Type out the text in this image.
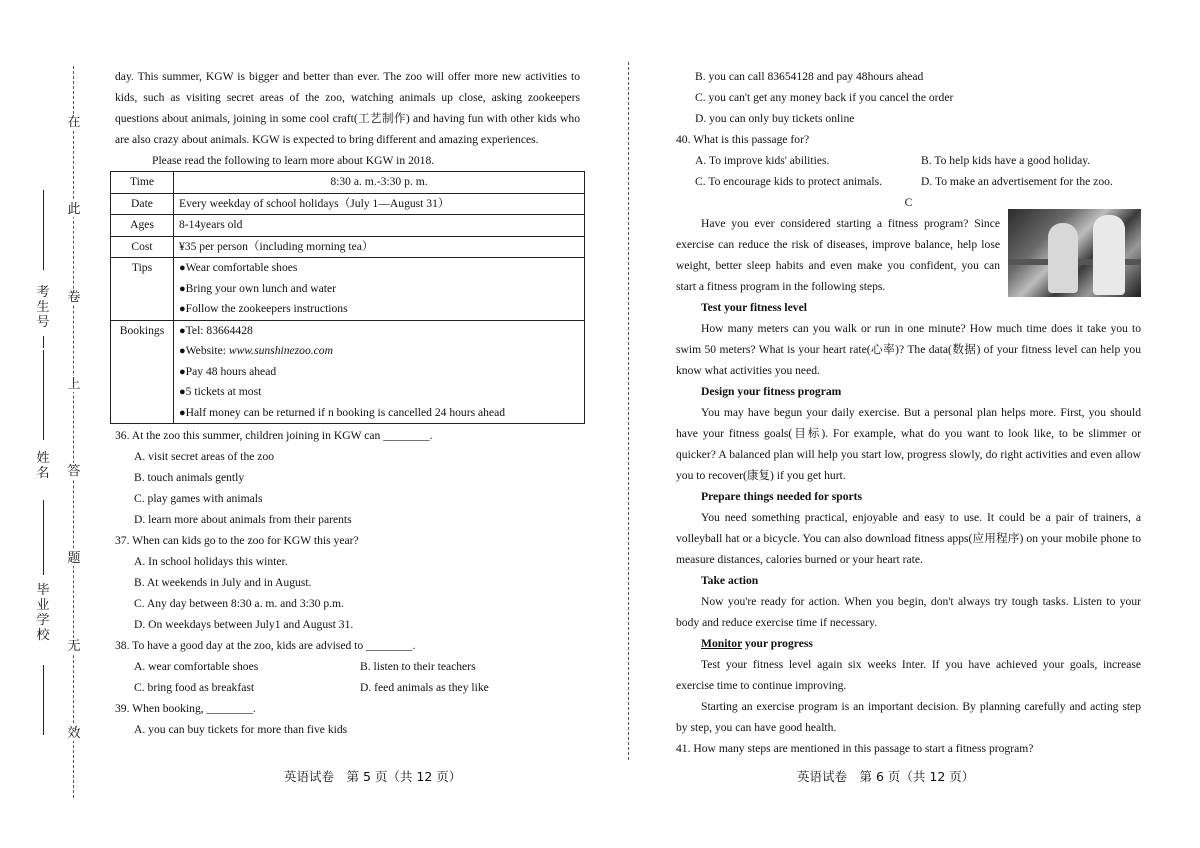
在
此
卷
上
答
题
无
效
考生号
姓名
毕业学校

day. This summer, KGW is bigger and better than ever. The zoo will offer more new activities to kids, such as visiting secret areas of the zoo, watching animals up close, asking zookeepers questions about animals, joining in some cool craft(工艺制作) and having fun with other kids who are also crazy about animals. KGW is expected to bring different and amazing experiences.

Please read the following to learn more about KGW in 2018.

Time	8:30 a. m.-3:30 p. m.
Date	Every weekday of school holidays（July 1—August 31）
Ages	8-14years old
Cost	¥35 per person（including morning tea）
Tips	● Wear comfortable shoes
● Bring your own lunch and water
● Follow the zookeepers instructions

Bookings	● Tel: 83664428
● Website: www.sunshinezoo.com
● Pay 48 hours ahead
● 5 tickets at most
● Half money can be returned if n booking is cancelled 24 hours ahead

36. At the zoo this summer, children joining in KGW can ________.

A. visit secret areas of the zoo

B. touch animals gently

C. play games with animals

D. learn more about animals from their parents

37. When can kids go to the zoo for KGW this year?

A. In school holidays this winter.

B. At weekends in July and in August.

C. Any day between 8:30 a. m. and 3:30 p.m.

D. On weekdays between July1 and August 31.

38. To have a good day at the zoo, kids are advised to ________.

A. wear comfortable shoes	B. listen to their teachers
C. bring food as breakfast	D. feed animals as they like

39. When booking, ________.

A. you can buy tickets for more than five kids

英语试卷　第 5 页（共 12 页）

B. you can call 83654128 and pay 48hours ahead

C. you can't get any money back if you cancel the order

D. you can only buy tickets online

40. What is this passage for?

A. To improve kids' abilities.	B. To help kids have a good holiday.
C. To encourage kids to protect animals.	D. To make an advertisement for the zoo.

C

Have you ever considered starting a fitness program? Since exercise can reduce the risk of diseases, improve balance, help lose weight, better sleep habits and even make you confident, you can start a fitness program in the following steps.

Test your fitness level

How many meters can you walk or run in one minute? How much time does it take you to swim 50 meters? What is your heart rate(心率)? The data(数据) of your fitness level can help you know what activities you need.

Design your fitness program

You may have begun your daily exercise. But a personal plan helps more. First, you should have your fitness goals(目标). For example, what do you want to look like, to be slimmer or quicker? A balanced plan will help you start low, progress slowly, do right activities and even allow you to recover(康复) if you get hurt.

Prepare things needed for sports

You need something practical, enjoyable and easy to use. It could be a pair of trainers, a volleyball hat or a bicycle. You can also download fitness apps(应用程序) on your mobile phone to measure distances, calories burned or your heart rate.

Take action

Now you're ready for action. When you begin, don't always try tough tasks. Listen to your body and reduce exercise time if necessary.

Monitor your progress

Test your fitness level again six weeks Inter. If you have achieved your goals, increase exercise time to continue improving.

Starting an exercise program is an important decision. By planning carefully and acting step by step, you can have good health.

41. How many steps are mentioned in this passage to start a fitness program?

英语试卷　第 6 页（共 12 页）
